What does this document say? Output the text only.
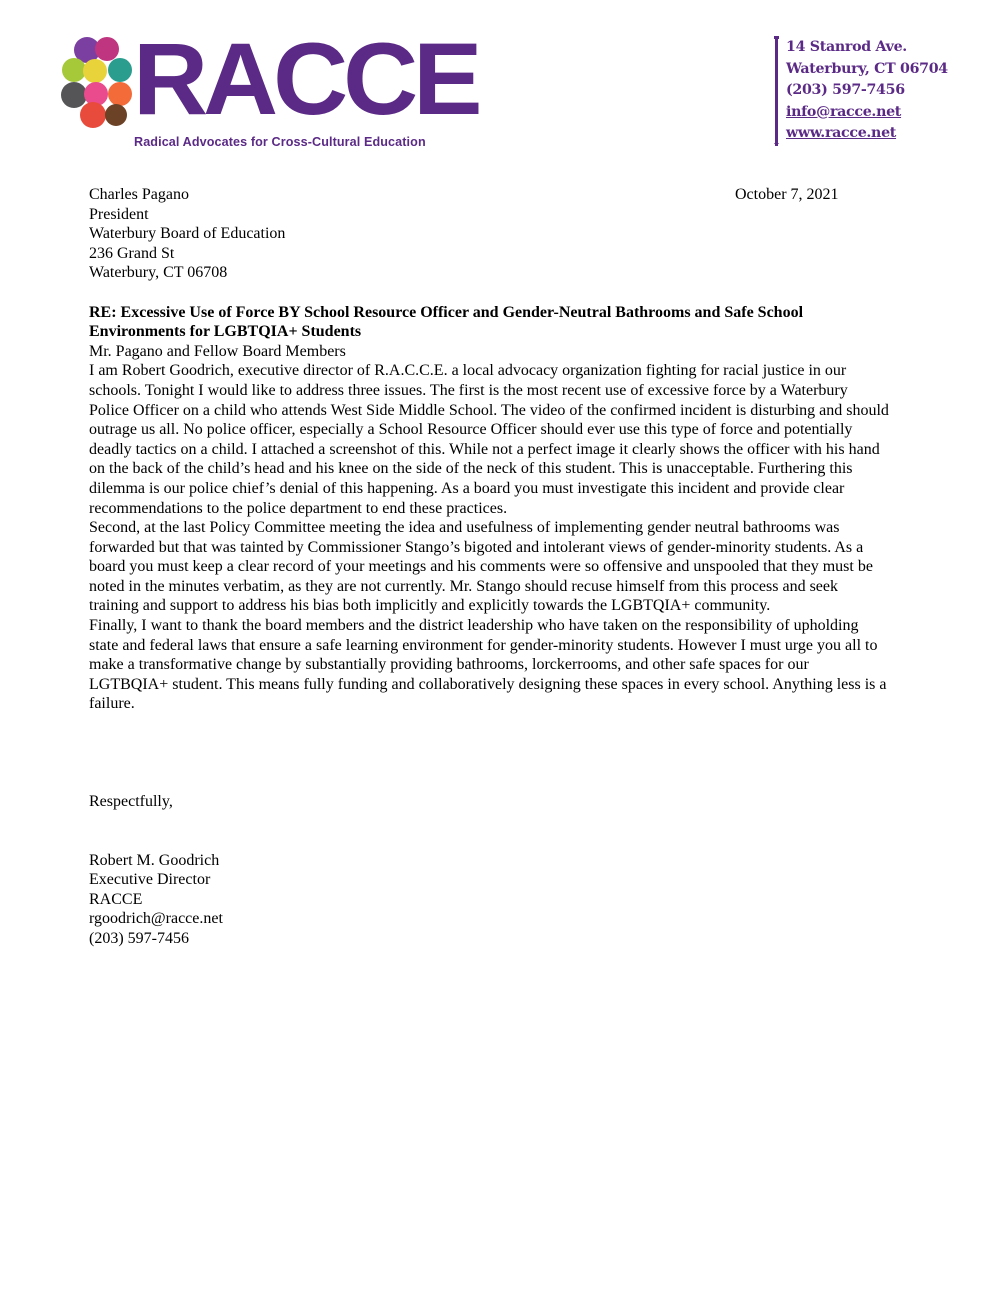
RACCE
Radical Advocates for Cross-Cultural Education
14 Stanrod Ave.
Waterbury, CT 06704
(203) 597-7456
info@racce.net
www.racce.net
October 7, 2021

Charles Pagano

President

Waterbury Board of Education

236 Grand St

Waterbury, CT 06708

RE: Excessive Use of Force BY School Resource Officer and Gender-Neutral Bathrooms and Safe School Environments for LGBTQIA+ Students

Mr. Pagano and Fellow Board Members

I am Robert Goodrich, executive director of R.A.C.C.E. a local advocacy organization fighting for racial justice in our schools. Tonight I would like to address three issues. The first is the most recent use of excessive force by a Waterbury Police Officer on a child who attends West Side Middle School. The video of the confirmed incident is disturbing and should outrage us all. No police officer, especially a School Resource Officer should ever use this type of force and potentially deadly tactics on a child. I attached a screenshot of this. While not a perfect image it clearly shows the officer with his hand on the back of the child’s head and his knee on the side of the neck of this student. This is unacceptable. Furthering this dilemma is our police chief’s denial of this happening. As a board you must investigate this incident and provide clear recommendations to the police department to end these practices.

Second, at the last Policy Committee meeting the idea and usefulness of implementing gender neutral bathrooms was forwarded but that was tainted by Commissioner Stango’s bigoted and intolerant views of gender-minority students. As a board you must keep a clear record of your meetings and his comments were so offensive and unspooled that they must be noted in the minutes verbatim, as they are not currently. Mr. Stango should recuse himself from this process and seek training and support to address his bias both implicitly and explicitly towards the LGBTQIA+ community.

Finally, I want to thank the board members and the district leadership who have taken on the responsibility of upholding state and federal laws that ensure a safe learning environment for gender-minority students. However I must urge you all to make a transformative change by substantially providing bathrooms, lorckerrooms, and other safe spaces for our LGTBQIA+ student. This means fully funding and collaboratively designing these spaces in every school. Anything less is a failure.

Respectfully,

Robert M. Goodrich

Executive Director

RACCE

rgoodrich@racce.net

(203) 597-7456
